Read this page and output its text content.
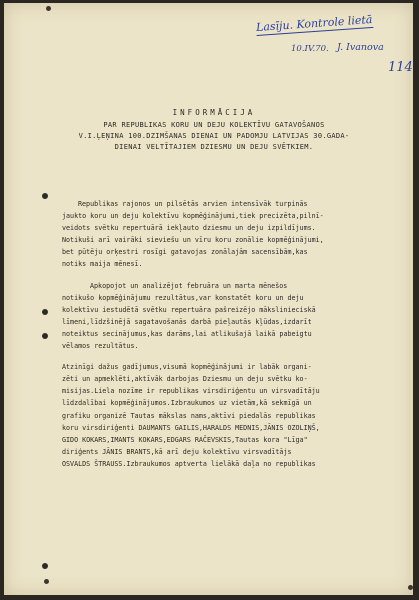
Lasīju. Kontrole lietā
10.IV.70. J. Ivanova
114
INFORMĀCIJA
PAR REPUBLIKAS KORU UN DEJU KOLEKTĪVU GATAVOŠANOS
V.I.ĻEŅINA 100.DZIMŠANAS DIENAI UN PADOMJU LATVIJAS 30.GADA-
DIENAI VELTĪTAJIEM DZIESMU UN DEJU SVĒTKIEM.

Republikas rajonos un pilsētās arvien intensīvāk turpinās
jaukto koru un deju kolektīvu kopmēģinājumi,tiek precizēta,pilnī-
veidots svētku repertuārā iekļauto dziesmu un deju izpildījums.
Notikuši arī vairāki sieviešu un vīru koru zonālie kopmēģinājumi,
bet pūtēju orķestri rosīgi gatavojas zonālajām sacensībām,kas
notiks maija mēnesī.

Apkopojot un analizējot februāra un marta mēnešos
notikušo kopmēģinājumu rezultātus,var konstatēt koru un deju
kolektīvu iestudētā svētku repertuāra pašreizējo mākslinieciskā
līmeni,līdzšinējā sagatavošanās darbā pieļautās kļūdas,izdarīt
noteiktus secinājumus,kas darāms,lai atlikušajā laikā pabeigtu
vēlamos rezultātus.

Atzinīgi dažus gadījumus,visumā kopmēģinājumi ir labāk organi-
zēti un apmeklēti,aktīvāk darbojas Dziesmu un deju svētku ko-
misijas.Liela nozīme ir republikas virsdiriģentu un virsvadītāju
līdzdalībai kopmēģinājumos.Izbraukumos uz vietām,kā sekmīgā un
grafiku organizē Tautas mākslas nams,aktīvi piedalās republikas
koru virsdiriģenti DAUMANTS GAILIS,HARALDS MEDNIS,JĀNIS OZOLIŅŠ,
GIDO KOKARS,IMANTS KOKARS,EDGARS RAČEVSKIS,Tautas kora "Līga"
diriģents JĀNIS BRANTS,kā arī deju kolektīvu virsvadītājs
OSVALDS ŠTRAUSS.Izbraukumos aptverta lielākā daļa no republikas
